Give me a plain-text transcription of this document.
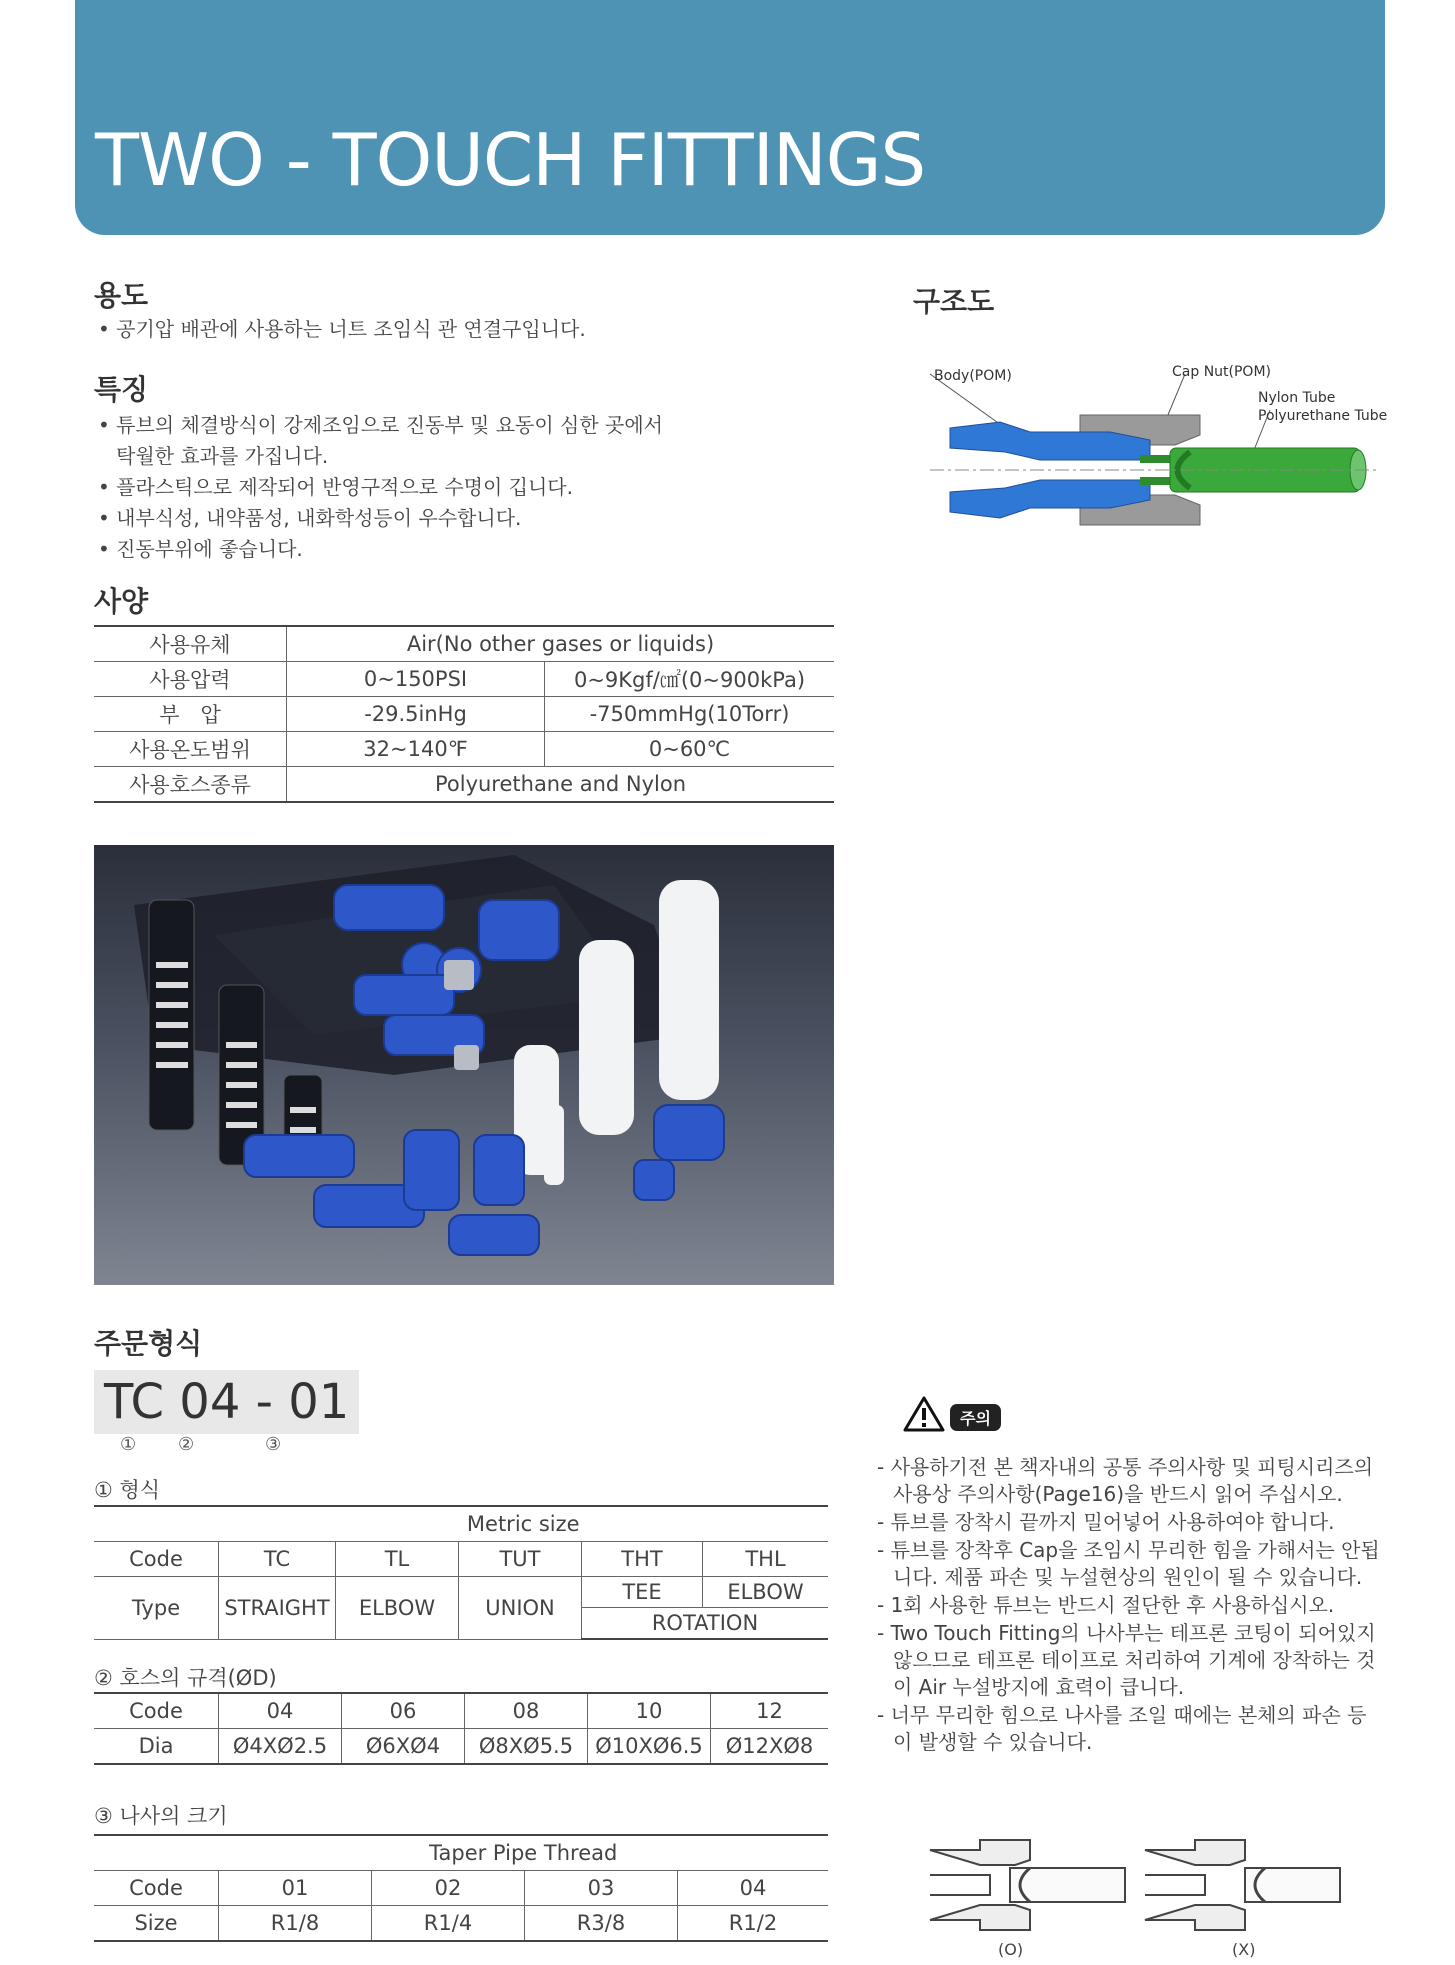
TWO - TOUCH FITTINGS
용도
• 공기압 배관에 사용하는 너트 조임식 관 연결구입니다.
특징
• 튜브의 체결방식이 강제조임으로 진동부 및 요동이 심한 곳에서 탁월한 효과를 가집니다.
• 플라스틱으로 제작되어 반영구적으로 수명이 깁니다.
• 내부식성, 내약품성, 내화학성등이 우수합니다.
• 진동부위에 좋습니다.
사양
사용유체	Air(No other gases or liquids)	
사용압력	0~150PSI	0~9Kgf/㎠(0~900kPa)
부　압	-29.5inHg	-750mmHg(10Torr)
사용온도범위	32~140℉	0~60℃
사용호스종류	Polyurethane and Nylon	
구조도
Body(POM)	Cap Nut(POM)
Nylon Tube
Polyurethane Tube
주문형식
TC 04 - 01
① ②	③
① 형식
	Metric size				
Code	TC	TL	TUT	THT	THL
Type	STRAIGHT	ELBOW	UNION	TEE	ELBOW
				ROTATION	
② 호스의 규격(ØD)
Code	04	06	08	10	12
Dia	Ø4XØ2.5	Ø6XØ4	Ø8XØ5.5	Ø10XØ6.5	Ø12XØ8
③ 나사의 크기
	Taper Pipe Thread			
Code	01	02	03	04
Size	R1/8	R1/4	R3/8	R1/2
주의
- 사용하기전 본 책자내의 공통 주의사항 및 피팅시리즈의 사용상 주의사항(Page16)을 반드시 읽어 주십시오.
- 튜브를 장착시 끝까지 밀어넣어 사용하여야 합니다.
- 튜브를 장착후 Cap을 조임시 무리한 힘을 가해서는 안됩니다. 제품 파손 및 누설현상의 원인이 될 수 있습니다.
- 1회 사용한 튜브는 반드시 절단한 후 사용하십시오.
- Two Touch Fitting의 나사부는 테프론 코팅이 되어있지 않으므로 테프론 테이프로 처리하여 기계에 장착하는 것이 Air 누설방지에 효력이 큽니다.
- 너무 무리한 힘으로 나사를 조일 때에는 본체의 파손 등이 발생할 수 있습니다.
(O)	(X)
